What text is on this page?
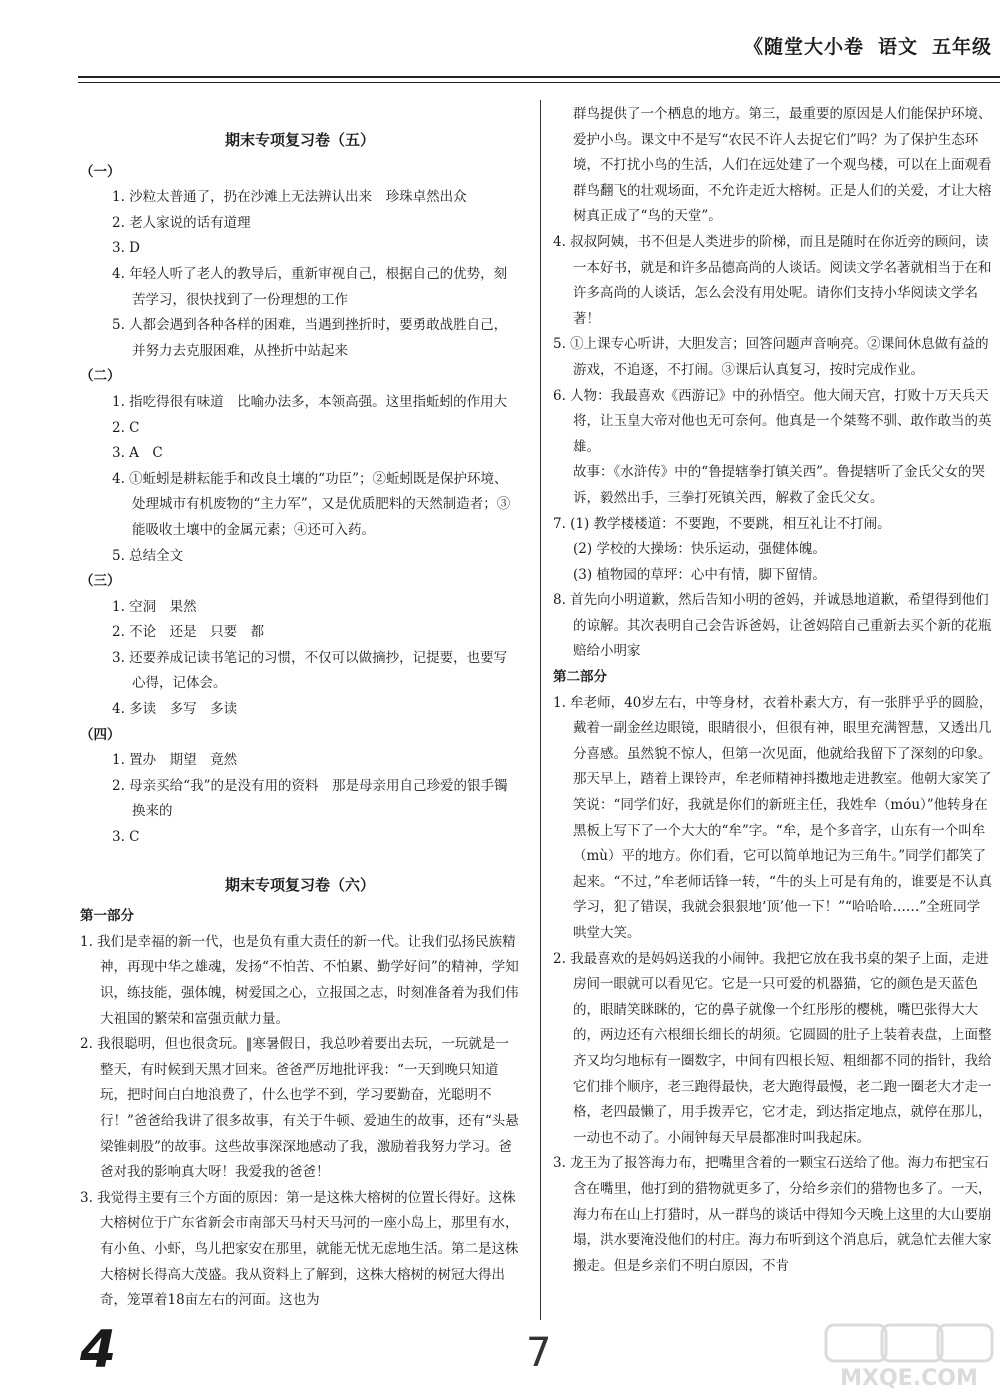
《随堂大小卷 语文 五年级
期末专项复习卷（五）
（一）
1. 沙粒太普通了，扔在沙滩上无法辨认出来　珍珠卓然出众
2. 老人家说的话有道理
3. D
4. 年轻人听了老人的教导后，重新审视自己，根据自己的优势，刻苦学习，很快找到了一份理想的工作
5. 人都会遇到各种各样的困难，当遇到挫折时，要勇敢战胜自己，并努力去克服困难，从挫折中站起来
（二）
1. 指吃得很有味道　比喻办法多，本领高强。这里指蚯蚓的作用大
2. C
3. A　C
4. ①蚯蚓是耕耘能手和改良土壤的“功臣”；②蚯蚓既是保护环境、处理城市有机废物的“主力军”，又是优质肥料的天然制造者；③能吸收土壤中的金属元素；④还可入药。
5. 总结全文
（三）
1. 空洞　果然
2. 不论　还是　只要　都
3. 还要养成记读书笔记的习惯，不仅可以做摘抄，记提要，也要写心得，记体会。
4. 多读　多写　多读
（四）
1. 置办　期望　竟然
2. 母亲买给“我”的是没有用的资料　那是母亲用自己珍爱的银手镯换来的
3. C
期末专项复习卷（六）
第一部分
1. 我们是幸福的新一代，也是负有重大责任的新一代。让我们弘扬民族精神，再现中华之雄魂，发扬“不怕苦、不怕累、勤学好问”的精神，学知识，练技能，强体魄，树爱国之心，立报国之志，时刻准备着为我们伟大祖国的繁荣和富强贡献力量。
2. 我很聪明，但也很贪玩。‖寒暑假日，我总吵着要出去玩，一玩就是一整天，有时候到天黑才回来。爸爸严厉地批评我：“一天到晚只知道玩，把时间白白地浪费了，什么也学不到，学习要勤奋，光聪明不行！”爸爸给我讲了很多故事，有关于牛顿、爱迪生的故事，还有“头悬梁锥刺股”的故事。这些故事深深地感动了我，激励着我努力学习。爸爸对我的影响真大呀！我爱我的爸爸！
3. 我觉得主要有三个方面的原因：第一是这株大榕树的位置长得好。这株大榕树位于广东省新会市南部天马村天马河的一座小岛上，那里有水，有小鱼、小虾，鸟儿把家安在那里，就能无忧无虑地生活。第二是这株大榕树长得高大茂盛。我从资料上了解到，这株大榕树的树冠大得出奇，笼罩着18亩左右的河面。这也为
群鸟提供了一个栖息的地方。第三，最重要的原因是人们能保护环境、爱护小鸟。课文中不是写“农民不许人去捉它们”吗？为了保护生态环境，不打扰小鸟的生活，人们在远处建了一个观鸟楼，可以在上面观看群鸟翻飞的壮观场面，不允许走近大榕树。正是人们的关爱，才让大榕树真正成了“鸟的天堂”。
4. 叔叔阿姨，书不但是人类进步的阶梯，而且是随时在你近旁的顾问，读一本好书，就是和许多品德高尚的人谈话。阅读文学名著就相当于在和许多高尚的人谈话，怎么会没有用处呢。请你们支持小华阅读文学名著！
5. ①上课专心听讲，大胆发言；回答问题声音响亮。②课间休息做有益的游戏，不追逐，不打闹。③课后认真复习，按时完成作业。
6. 人物：我最喜欢《西游记》中的孙悟空。他大闹天宫，打败十万天兵天将，让玉皇大帝对他也无可奈何。他真是一个桀骜不驯、敢作敢当的英雄。
故事：《水浒传》中的“鲁提辖拳打镇关西”。鲁提辖听了金氏父女的哭诉，毅然出手，三拳打死镇关西，解救了金氏父女。
7. (1) 教学楼楼道：不要跑，不要跳，相互礼让不打闹。
(2) 学校的大操场：快乐运动，强健体魄。
(3) 植物园的草坪：心中有情，脚下留情。
8. 首先向小明道歉，然后告知小明的爸妈，并诚恳地道歉，希望得到他们的谅解。其次表明自己会告诉爸妈，让爸妈陪自己重新去买个新的花瓶赔给小明家
第二部分
1. 牟老师，40岁左右，中等身材，衣着朴素大方，有一张胖乎乎的圆脸，戴着一副金丝边眼镜，眼睛很小，但很有神，眼里充满智慧，又透出几分喜感。虽然貌不惊人，但第一次见面，他就给我留下了深刻的印象。那天早上，踏着上课铃声，牟老师精神抖擞地走进教室。他朝大家笑了笑说：“同学们好，我就是你们的新班主任，我姓牟（móu）”他转身在黑板上写下了一个大大的“牟”字。“牟，是个多音字，山东有一个叫牟（mù）平的地方。你们看，它可以简单地记为三角牛。”同学们都笑了起来。“不过，”牟老师话锋一转，“牛的头上可是有角的，谁要是不认真学习，犯了错误，我就会狠狠地‘顶’他一下！”“哈哈哈……”全班同学哄堂大笑。
2. 我最喜欢的是妈妈送我的小闹钟。我把它放在我书桌的架子上面，走进房间一眼就可以看见它。它是一只可爱的机器猫，它的颜色是天蓝色的，眼睛笑眯眯的，它的鼻子就像一个红彤彤的樱桃，嘴巴张得大大的，两边还有六根细长细长的胡须。它圆圆的肚子上装着表盘，上面整齐又均匀地标有一圈数字，中间有四根长短、粗细都不同的指针，我给它们排个顺序，老三跑得最快，老大跑得最慢，老二跑一圈老大才走一格，老四最懒了，用手拨弄它，它才走，到达指定地点，就停在那儿，一动也不动了。小闹钟每天早晨都准时叫我起床。
3. 龙王为了报答海力布，把嘴里含着的一颗宝石送给了他。海力布把宝石含在嘴里，他打到的猎物就更多了，分给乡亲们的猎物也多了。一天，海力布在山上打猎时，从一群鸟的谈话中得知今天晚上这里的大山要崩塌，洪水要淹没他们的村庄。海力布听到这个消息后，就急忙去催大家搬走。但是乡亲们不明白原因，不肯
4	7
MXQE.COM
